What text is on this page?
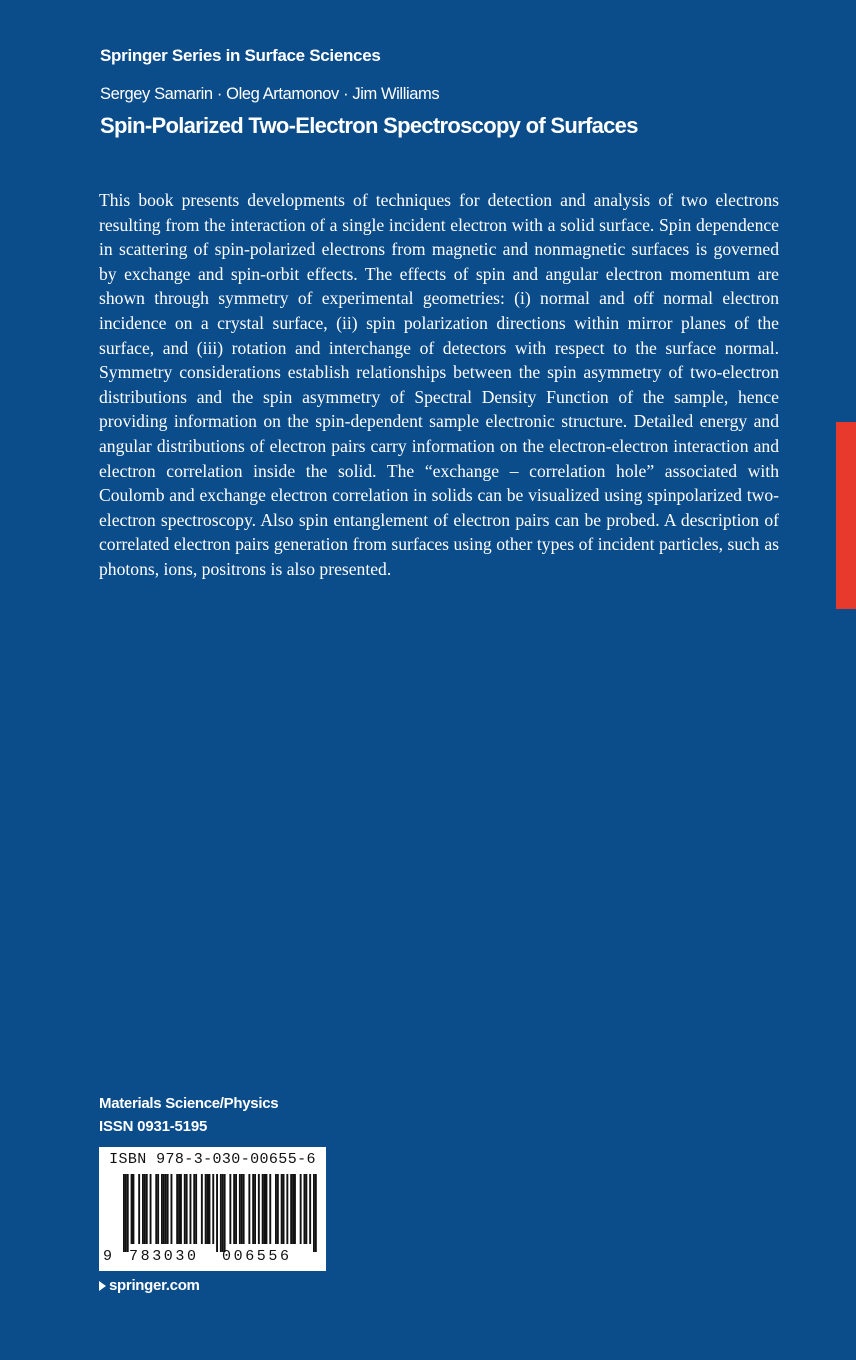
Springer Series in Surface Sciences
Sergey Samarin · Oleg Artamonov · Jim Williams
Spin-Polarized Two-Electron Spectroscopy of Surfaces

This book presents developments of techniques for detection and analysis of two electrons resulting from the interaction of a single incident electron with a solid surface. Spin dependence in scattering of spin-polarized electrons from magnetic and nonmagnetic surfaces is governed by exchange and spin-orbit effects. The effects of spin and angular electron momentum are shown through symmetry of experimental geometries: (i) normal and off normal electron incidence on a crystal surface, (ii) spin polarization directions within mirror planes of the surface, and (iii) rotation and interchange of detectors with respect to the surface normal. Symmetry considerations establish relationships between the spin asymmetry of two-electron distributions and the spin asymmetry of Spectral Density Function of the sample, hence providing information on the spin-dependent sample electronic structure. Detailed energy and angular distributions of electron pairs carry information on the electron-electron interaction and electron correlation inside the solid. The “exchange – correlation hole” associated with Coulomb and exchange electron correlation in solids can be visualized using spinpolarized two-electron spectroscopy. Also spin entanglement of electron pairs can be probed. A description of correlated electron pairs generation from surfaces using other types of incident particles, such as photons, ions, positrons is also presented.

Materials Science/Physics
ISSN 0931-5195
ISBN 978-3-030-00655-6
9 783030 006556
springer.com
